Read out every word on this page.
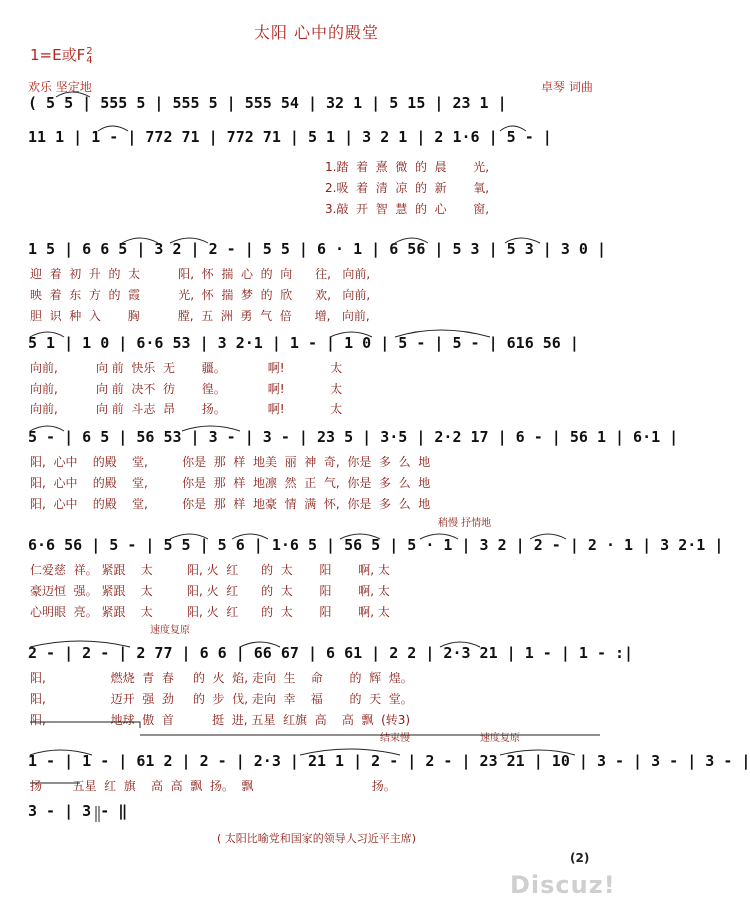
太阳 心中的殿堂
1=E或F2
4
欢乐 坚定地	卓琴 词曲
( 5 5 | 555 5 | 555 5 | 555 54 | 32 1 | 5 15 | 23 1 |
11 1 | 1 - | 772 71 | 772 71 | 5 1 | 3 2 1 | 2 1·6 | 5 - |
1.踏  着  熹  微  的  晨       光,
2.吸  着  清  凉  的  新       氧,
3.敲  开  智  慧  的  心       窗,
1 5 | 6 6 5 | 3 2 | 2 - | 5 5 | 6 · 1 | 6 56 | 5 3 | 5 3 | 3 0 |
迎  着  初  升  的  太          阳,  怀  揣  心  的  向      往,   向前,
映  着  东  方  的  霞          光,  怀  揣  梦  的  欣      欢,   向前,
胆  识  种  入       胸          膛,  五  洲  勇  气  倍      增,   向前,
5 1 | 1 0 | 6·6 53 | 3 2·1 | 1 - | 1 0 | 5 - | 5 - | 616 56 |
向前,          向 前  快乐  无       疆。           啊!            太
向前,          向 前  决不  彷       徨。           啊!            太
向前,          向 前  斗志  昂       扬。           啊!            太
5 - | 6 5 | 56 53 | 3 - | 3 - | 23 5 | 3·5 | 2·2 17 | 6 - | 56 1 | 6·1 |
阳,  心中    的殿    堂,         你是  那  样  地美  丽  神  奇,  你是  多  么  地
阳,  心中    的殿    堂,         你是  那  样  地凛  然  正  气,  你是  多  么  地
阳,  心中    的殿    堂,         你是  那  样  地豪  情  满  怀,  你是  多  么  地
稍慢 抒情地
6·6 56 | 5 - | 5 5 | 5 6 | 1·6 5 | 56 5 | 5 · 1 | 3 2 | 2 - | 2 · 1 | 3 2·1 |
仁爱慈  祥。 紧跟    太         阳, 火  红      的  太       阳       啊, 太
豪迈恒  强。 紧跟    太         阳, 火  红      的  太       阳       啊, 太
心明眼  亮。 紧跟    太         阳, 火  红      的  太       阳       啊, 太
速度复原
2 - | 2 - | 2 77 | 6 6 | 66 67 | 6 61 | 2 2 | 2·3 21 | 1 - | 1 - :|
阳,                 燃烧  青  春     的  火  焰, 走向  生    命       的  辉  煌。
阳,                 迈开  强  劲     的  步  伐, 走向  幸    福       的  天  堂。
阳,                 地球  傲  首          挺  进, 五星  红旗  高    高  飘  (转3)
结束慢	速度复原
1 - | 1 - | 61 2 | 2 - | 2·3 | 21 1 | 2 - | 2 - | 23 21 | 10 | 3 - | 3 - | 3 - |
扬        五星  红  旗    高  高  飘  扬。  飘                               扬。
3 - | 3 - ‖
( 太阳比喻党和国家的领导人习近平主席)
(2)
Discuz!
